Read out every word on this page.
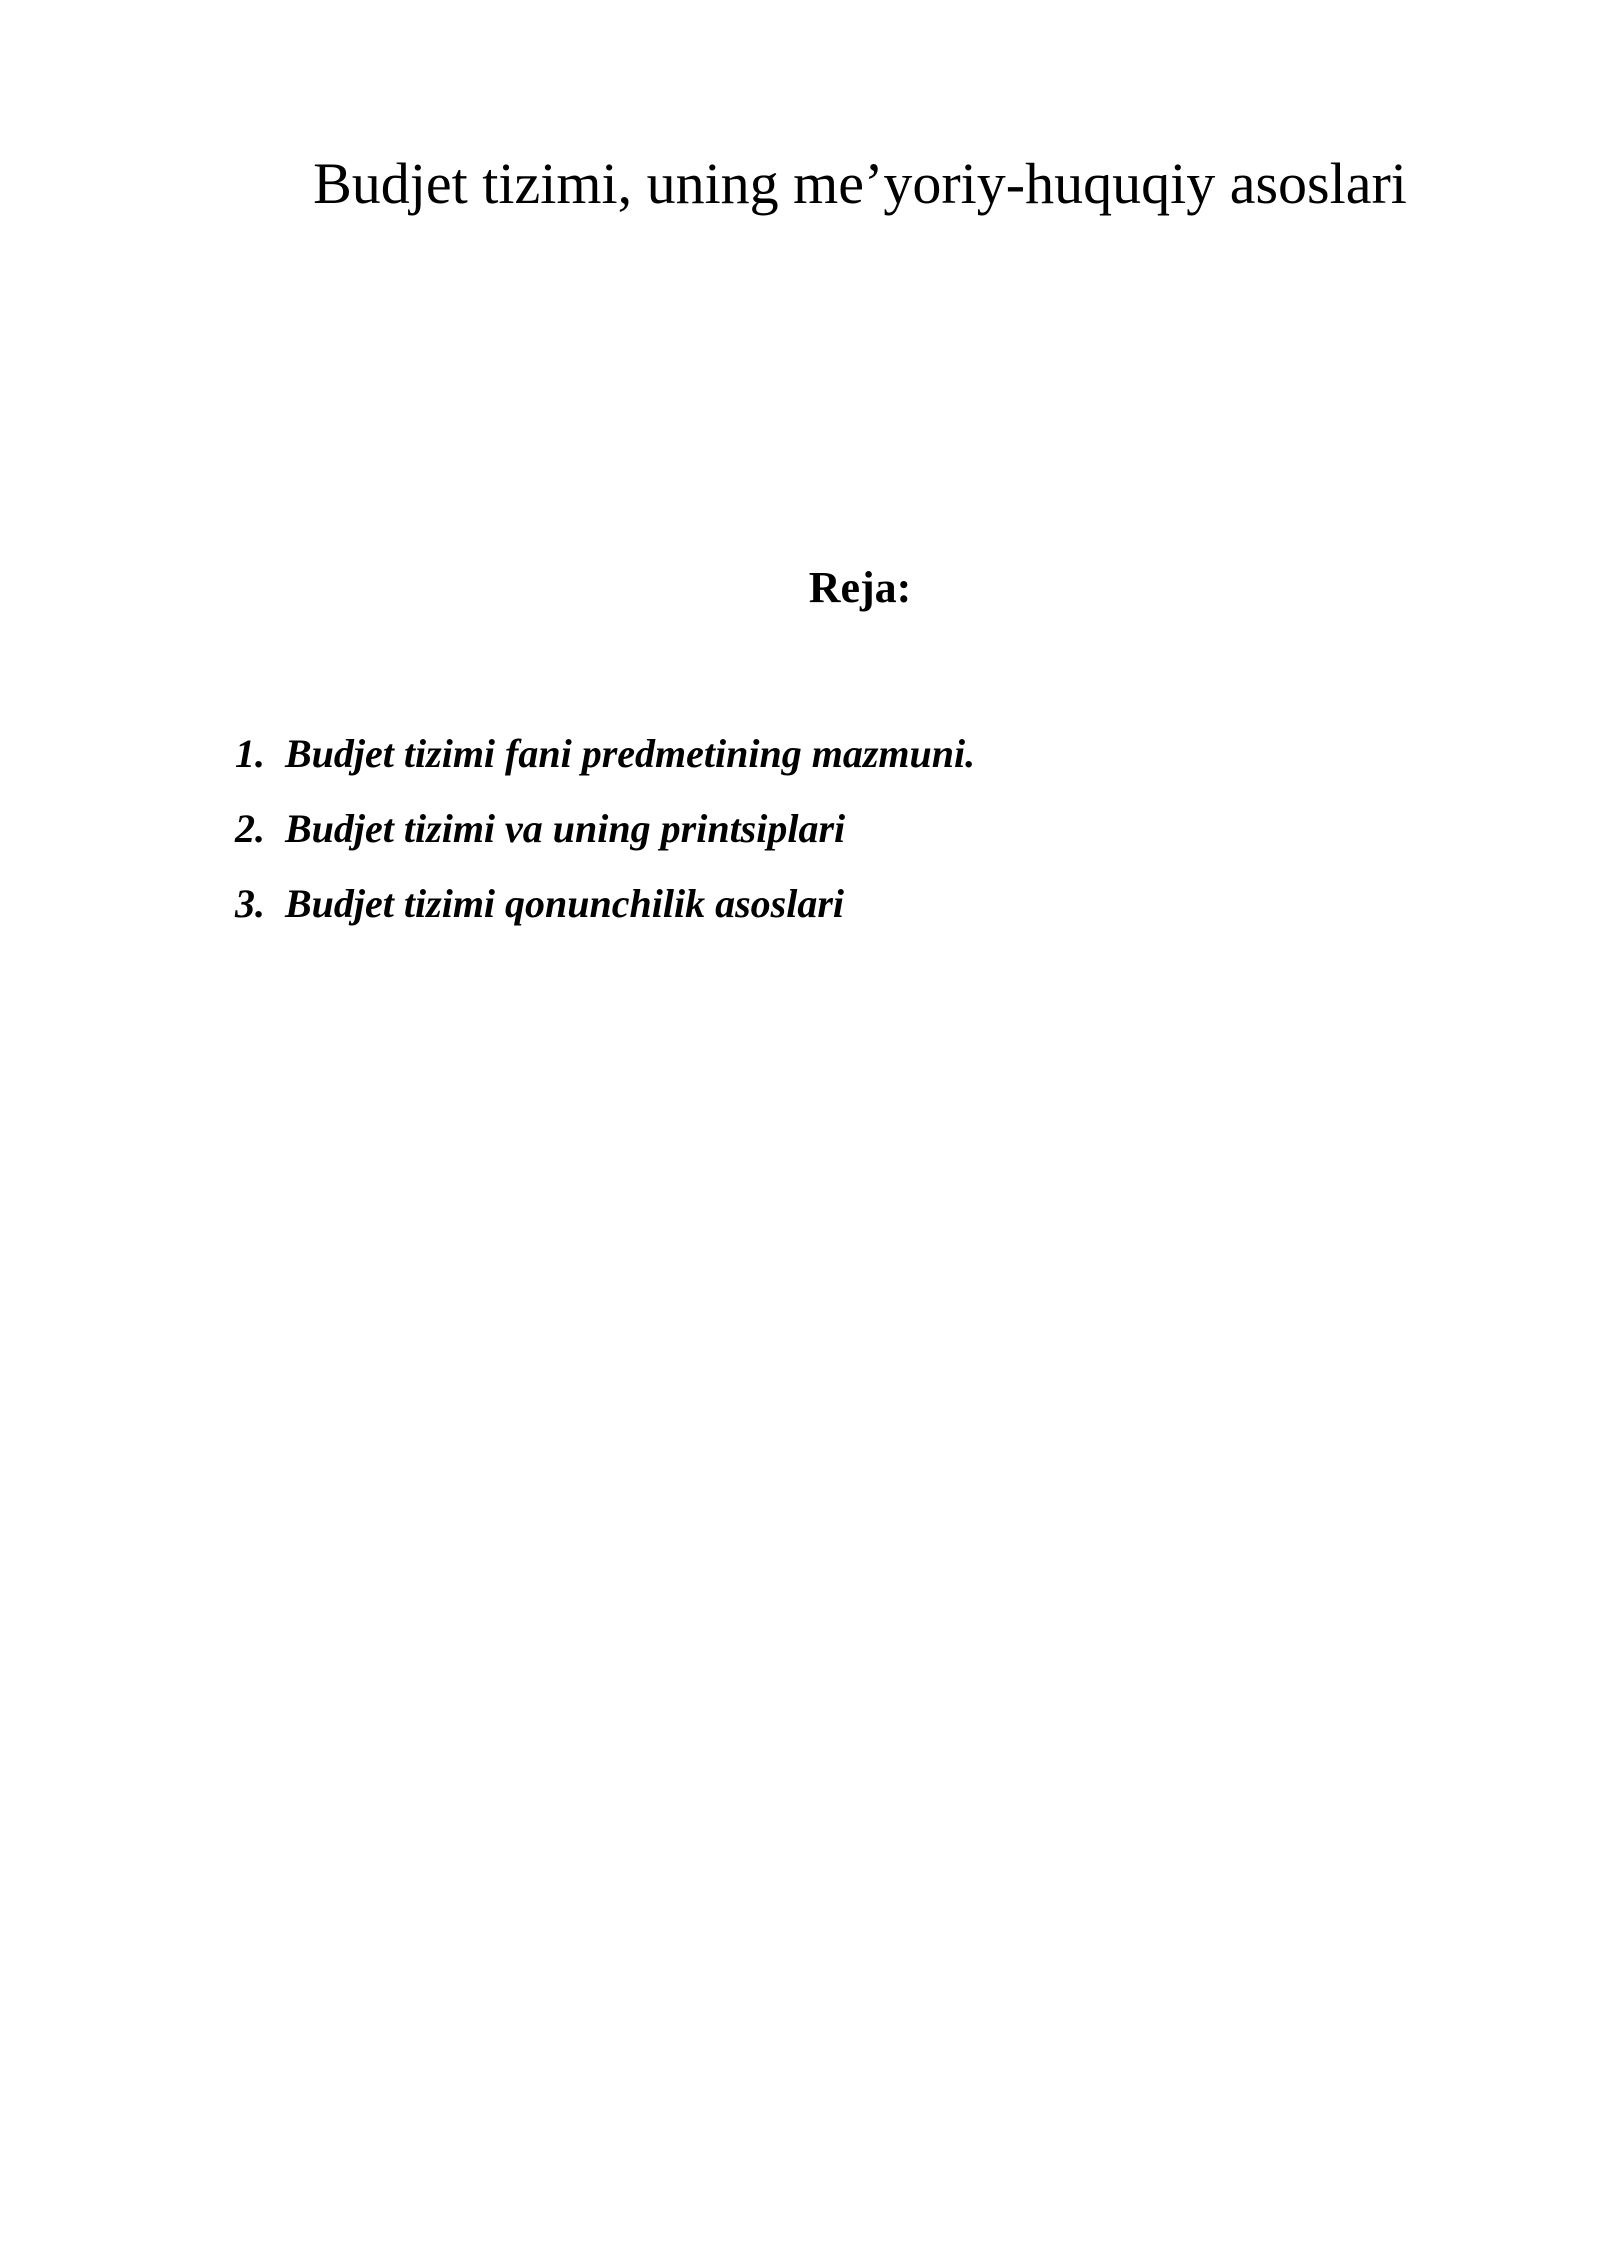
Budjet tizimi, uning me’yoriy-huquqiy asoslari
Reja:
1. Budjet tizimi fani predmetining mazmuni.
2. Budjet tizimi va uning printsiplari
3. Budjet tizimi qonunchilik asoslari
